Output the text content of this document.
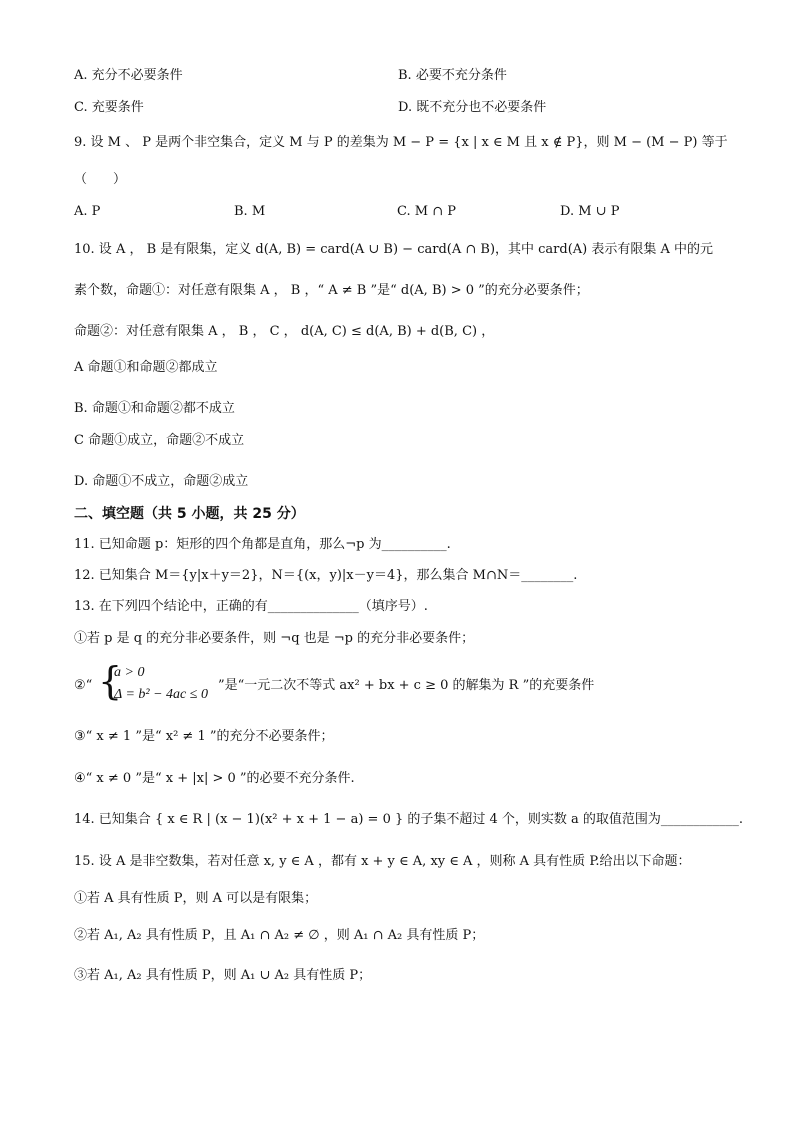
A. 充分不必要条件	B. 必要不充分条件
C. 充要条件	D. 既不充分也不必要条件
9. 设 M 、 P 是两个非空集合，定义 M 与 P 的差集为 M − P = {x | x ∈ M 且 x ∉ P}，则 M − (M − P) 等于
（　　）
A. P	B. M	C. M ∩ P	D. M ∪ P
10. 设 A ， B 是有限集，定义 d(A, B) = card(A ∪ B) − card(A ∩ B)，其中 card(A) 表示有限集 A 中的元
素个数，命题①：对任意有限集 A ， B ，“ A ≠ B ”是“ d(A, B) > 0 ”的充分必要条件；
命题②：对任意有限集 A ， B ， C ， d(A, C) ≤ d(A, B) + d(B, C) ，
A 命题①和命题②都成立
B. 命题①和命题②都不成立
C 命题①成立，命题②不成立
D. 命题①不成立，命题②成立
二、填空题（共 5 小题，共 25 分）
11. 已知命题 p：矩形的四个角都是直角，那么¬p 为__________.
12. 已知集合 M＝{y|x＋y＝2}，N＝{(x，y)|x－y＝4}，那么集合 M∩N＝________.
13. 在下列四个结论中，正确的有______________（填序号）.
①若 p 是 q 的充分非必要条件，则 ¬q 也是 ¬p 的充分非必要条件；
②“ {
a > 0
Δ = b² − 4ac ≤ 0
”是“一元二次不等式 ax² + bx + c ≥ 0 的解集为 R ”的充要条件
③“ x ≠ 1 ”是“ x² ≠ 1 ”的充分不必要条件；
④“ x ≠ 0 ”是“ x + |x| > 0 ”的必要不充分条件.
14. 已知集合 { x ∈ R | (x − 1)(x² + x + 1 − a) = 0 } 的子集不超过 4 个，则实数 a 的取值范围为____________.
15. 设 A 是非空数集，若对任意 x, y ∈ A ，都有 x + y ∈ A, xy ∈ A ，则称 A 具有性质 P.给出以下命题：
①若 A 具有性质 P，则 A 可以是有限集；
②若 A₁, A₂ 具有性质 P，且 A₁ ∩ A₂ ≠ ∅ ，则 A₁ ∩ A₂ 具有性质 P；
③若 A₁, A₂ 具有性质 P，则 A₁ ∪ A₂ 具有性质 P；
